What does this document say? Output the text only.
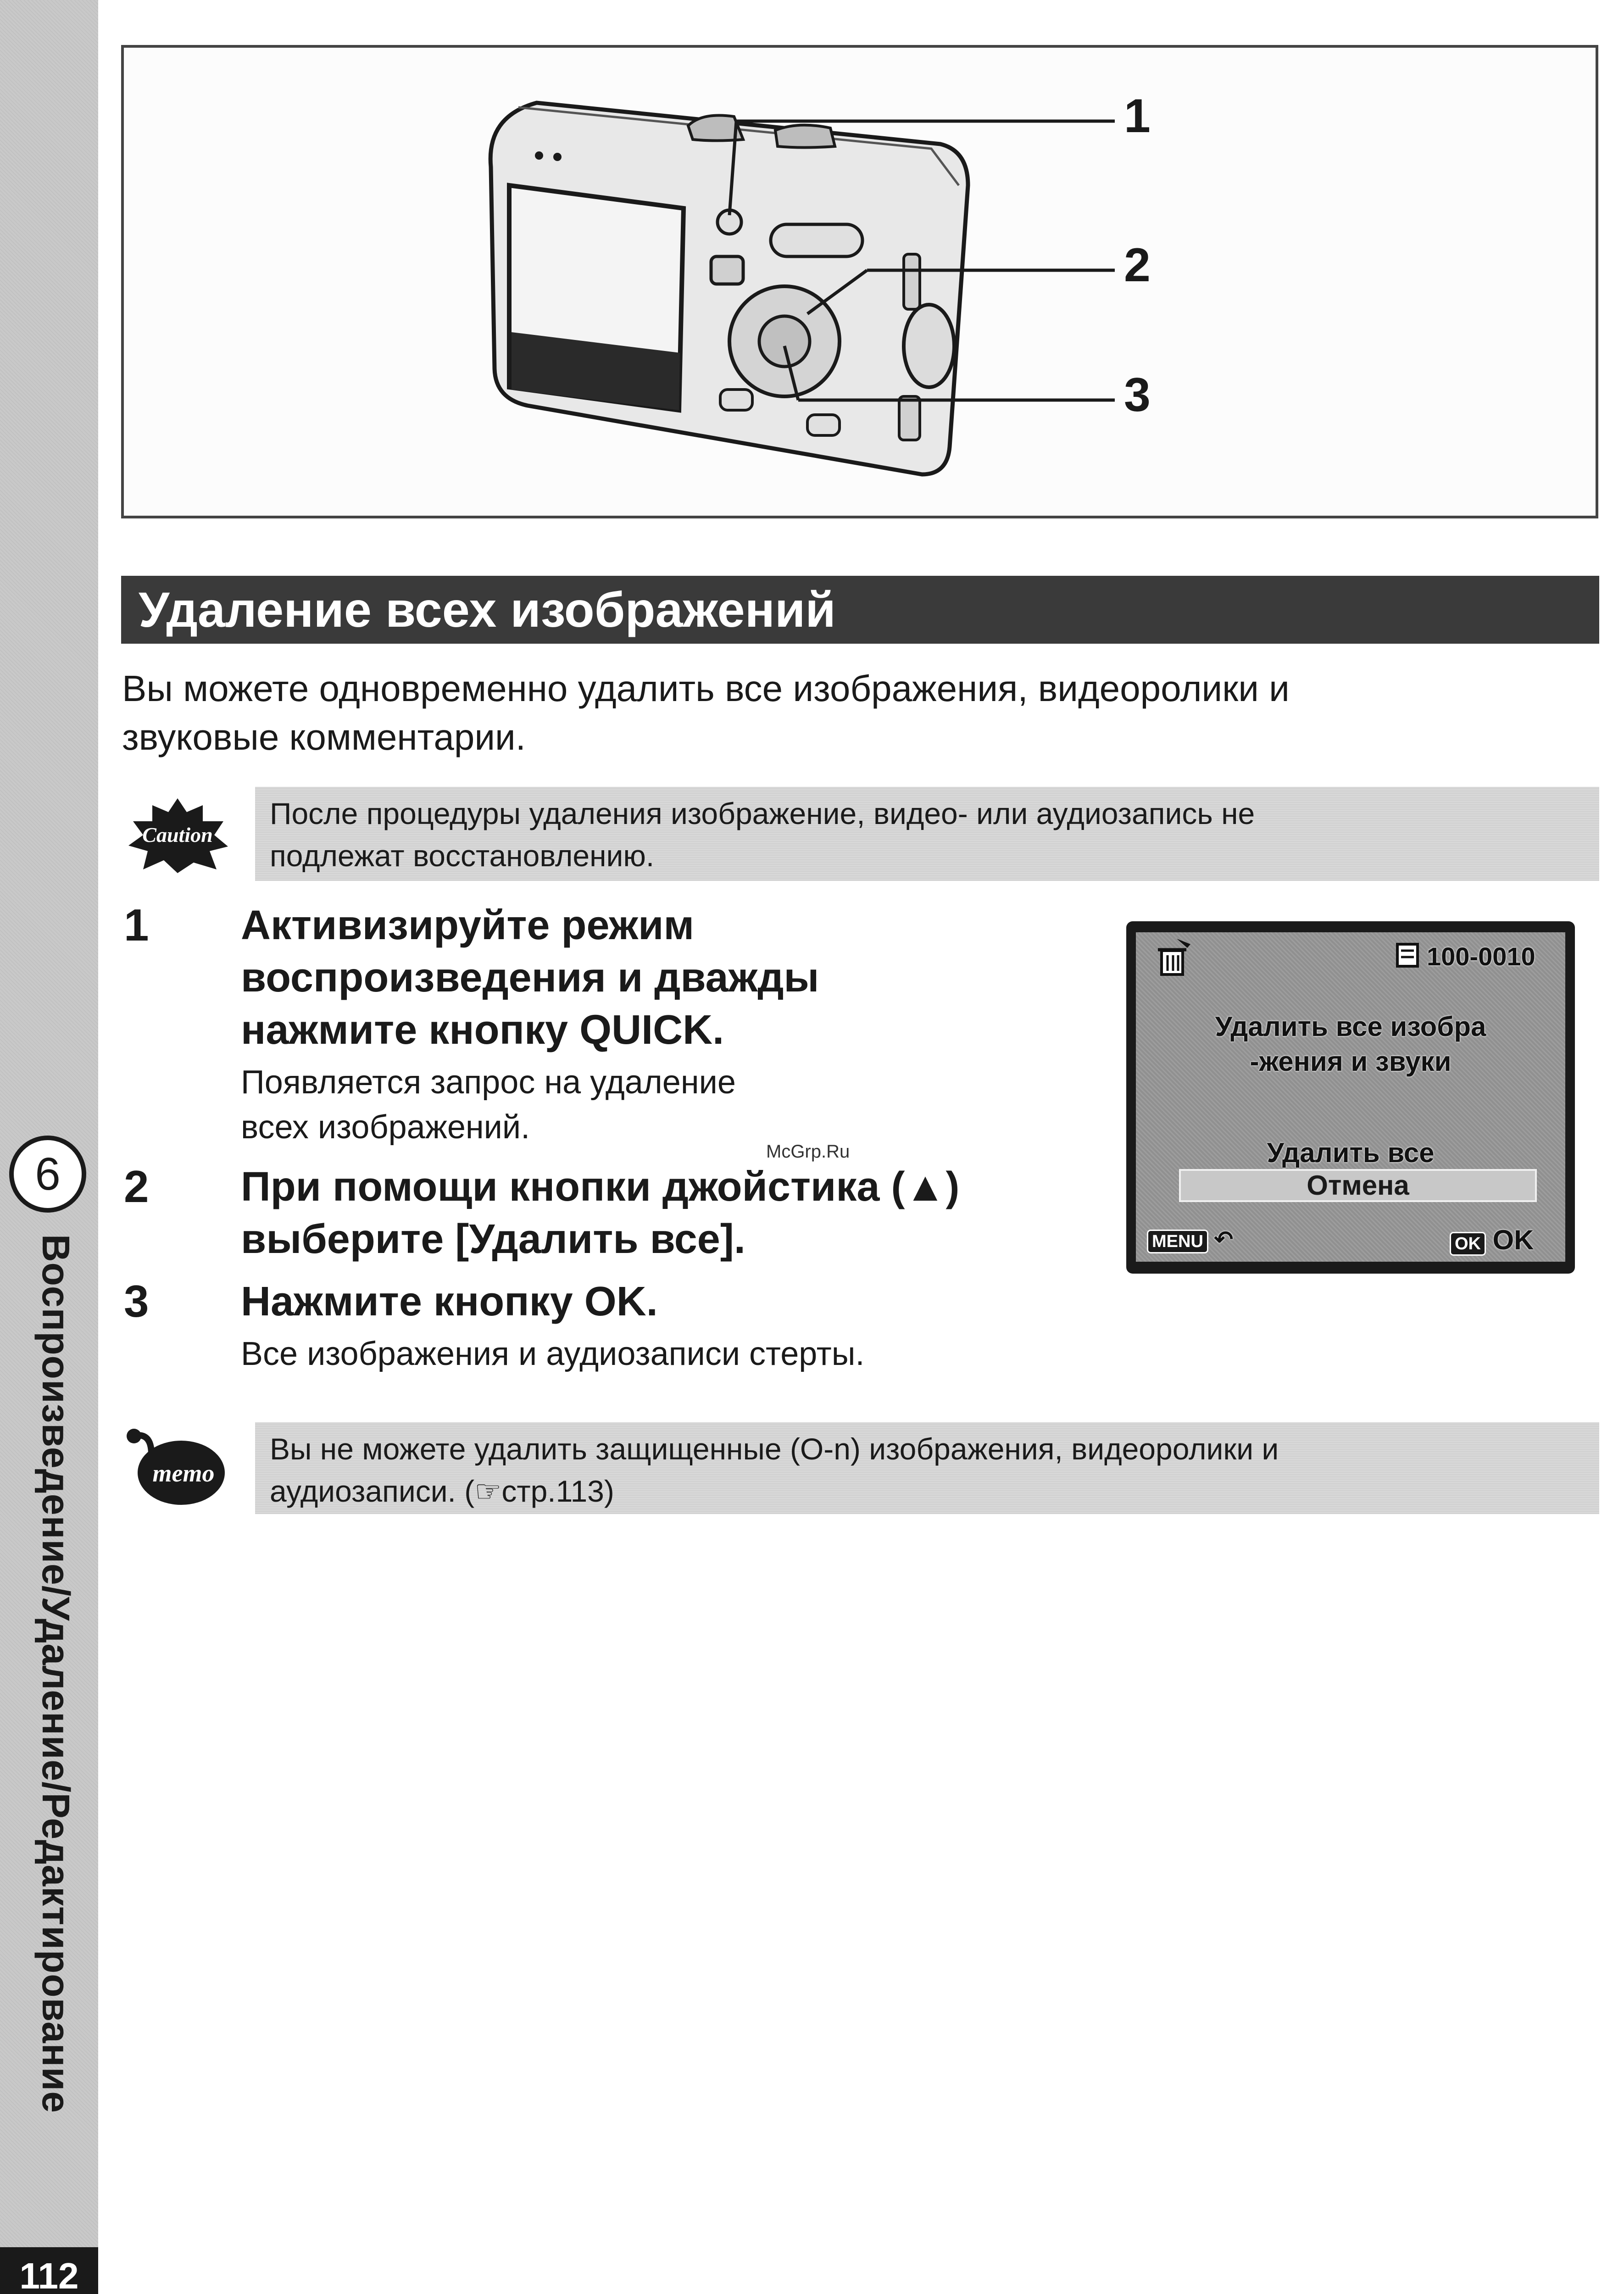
6
Воспроизведение/Удаление/Редактирование
112
1
2
3
Удаление всех изображений
Вы можете одновременно удалить все изображения, видеоролики и
звуковые комментарии.
Caution
После процедуры удаления изображение, видео- или аудиозапись не
подлежат восстановлению.
1 Активизируйте режим
воспроизведения и дважды
нажмите кнопку QUICK.
Появляется запрос на удаление
всех изображений.
2 При помощи кнопки джойстика (▲)
выберите [Удалить все].
3 Нажмите кнопку OK.
Все изображения и аудиозаписи стерты.
McGrp.Ru
100-0010
Удалить все изобра
-жения и звуки
Удалить все
Отмена
MENU ↶	OK OK
memo
Вы не можете удалить защищенные (O-n) изображения, видеоролики и
аудиозаписи. (☞cтр.113)
